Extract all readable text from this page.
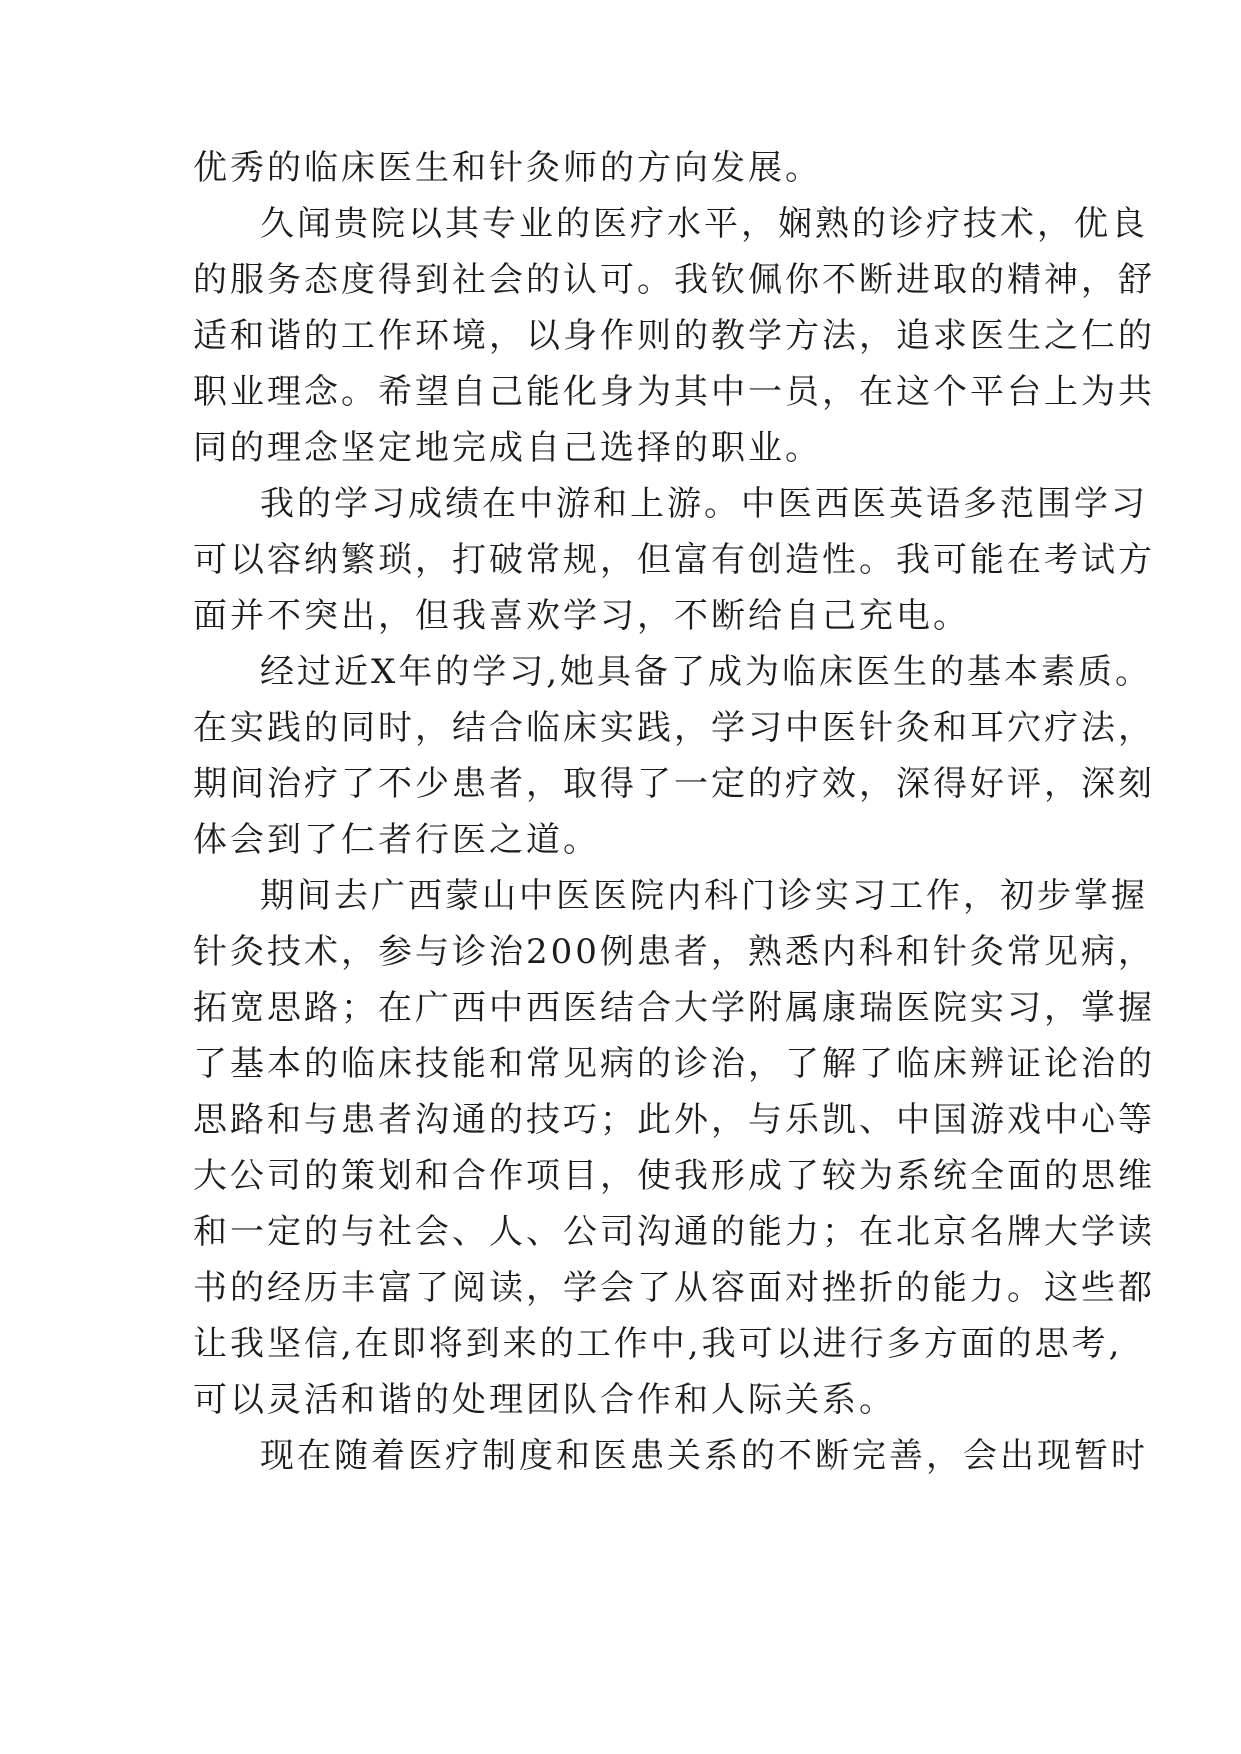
优秀的临床医生和针灸师的方向发展。
久闻贵院以其专业的医疗水平，娴熟的诊疗技术，优良
的服务态度得到社会的认可。我钦佩你不断进取的精神，舒
适和谐的工作环境，以身作则的教学方法，追求医生之仁的
职业理念。希望自己能化身为其中一员，在这个平台上为共
同的理念坚定地完成自己选择的职业。
我的学习成绩在中游和上游。中医西医英语多范围学习
可以容纳繁琐，打破常规，但富有创造性。我可能在考试方
面并不突出，但我喜欢学习，不断给自己充电。
经过近X年的学习,她具备了成为临床医生的基本素质。
在实践的同时，结合临床实践，学习中医针灸和耳穴疗法，
期间治疗了不少患者，取得了一定的疗效，深得好评，深刻
体会到了仁者行医之道。
期间去广西蒙山中医医院内科门诊实习工作，初步掌握
针灸技术，参与诊治200例患者，熟悉内科和针灸常见病，
拓宽思路；在广西中西医结合大学附属康瑞医院实习，掌握
了基本的临床技能和常见病的诊治，了解了临床辨证论治的
思路和与患者沟通的技巧；此外，与乐凯、中国游戏中心等
大公司的策划和合作项目，使我形成了较为系统全面的思维
和一定的与社会、人、公司沟通的能力；在北京名牌大学读
书的经历丰富了阅读，学会了从容面对挫折的能力。这些都
让我坚信,在即将到来的工作中,我可以进行多方面的思考,
可以灵活和谐的处理团队合作和人际关系。
现在随着医疗制度和医患关系的不断完善，会出现暂时
